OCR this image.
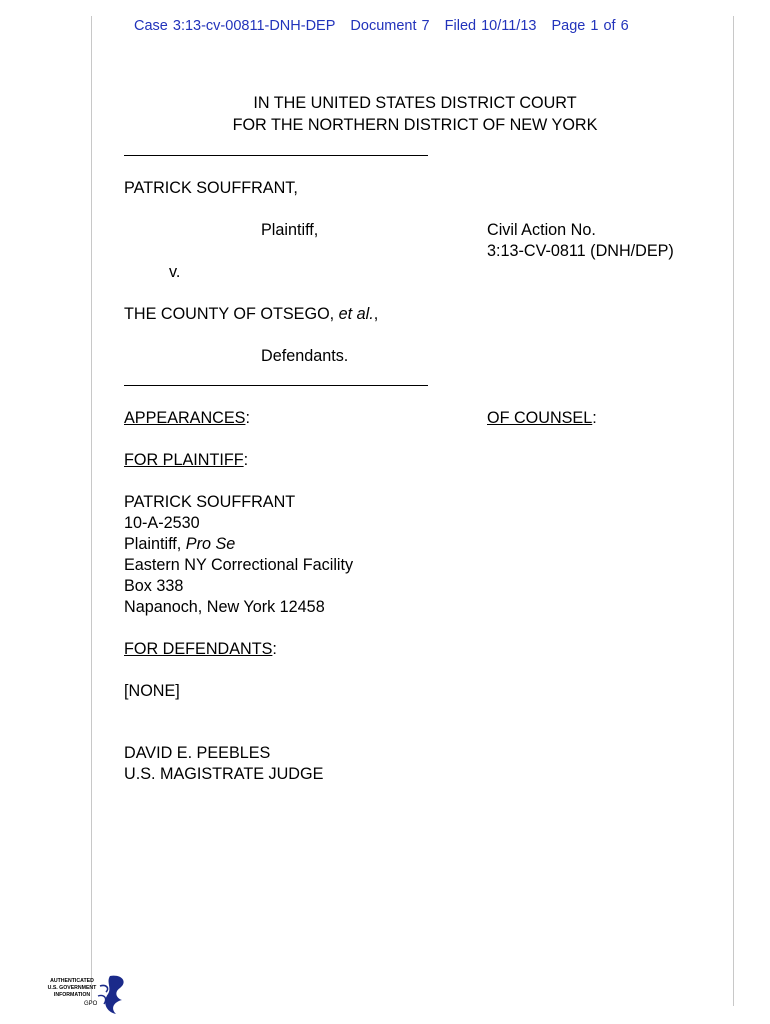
Case 3:13-cv-00811-DNH-DEP Document 7 Filed 10/11/13 Page 1 of 6
IN THE UNITED STATES DISTRICT COURT
FOR THE NORTHERN DISTRICT OF NEW YORK
PATRICK SOUFFRANT,
Plaintiff,	Civil Action No.
3:13-CV-0811 (DNH/DEP)
v.
THE COUNTY OF OTSEGO, et al.,
Defendants.
APPEARANCES:	OF COUNSEL:
FOR PLAINTIFF:
PATRICK SOUFFRANT
10-A-2530
Plaintiff, Pro Se
Eastern NY Correctional Facility
Box 338
Napanoch, New York 12458
FOR DEFENDANTS:
[NONE]
DAVID E. PEEBLES
U.S. MAGISTRATE JUDGE
AUTHENTICATED
U.S. GOVERNMENT
INFORMATION
GPO
